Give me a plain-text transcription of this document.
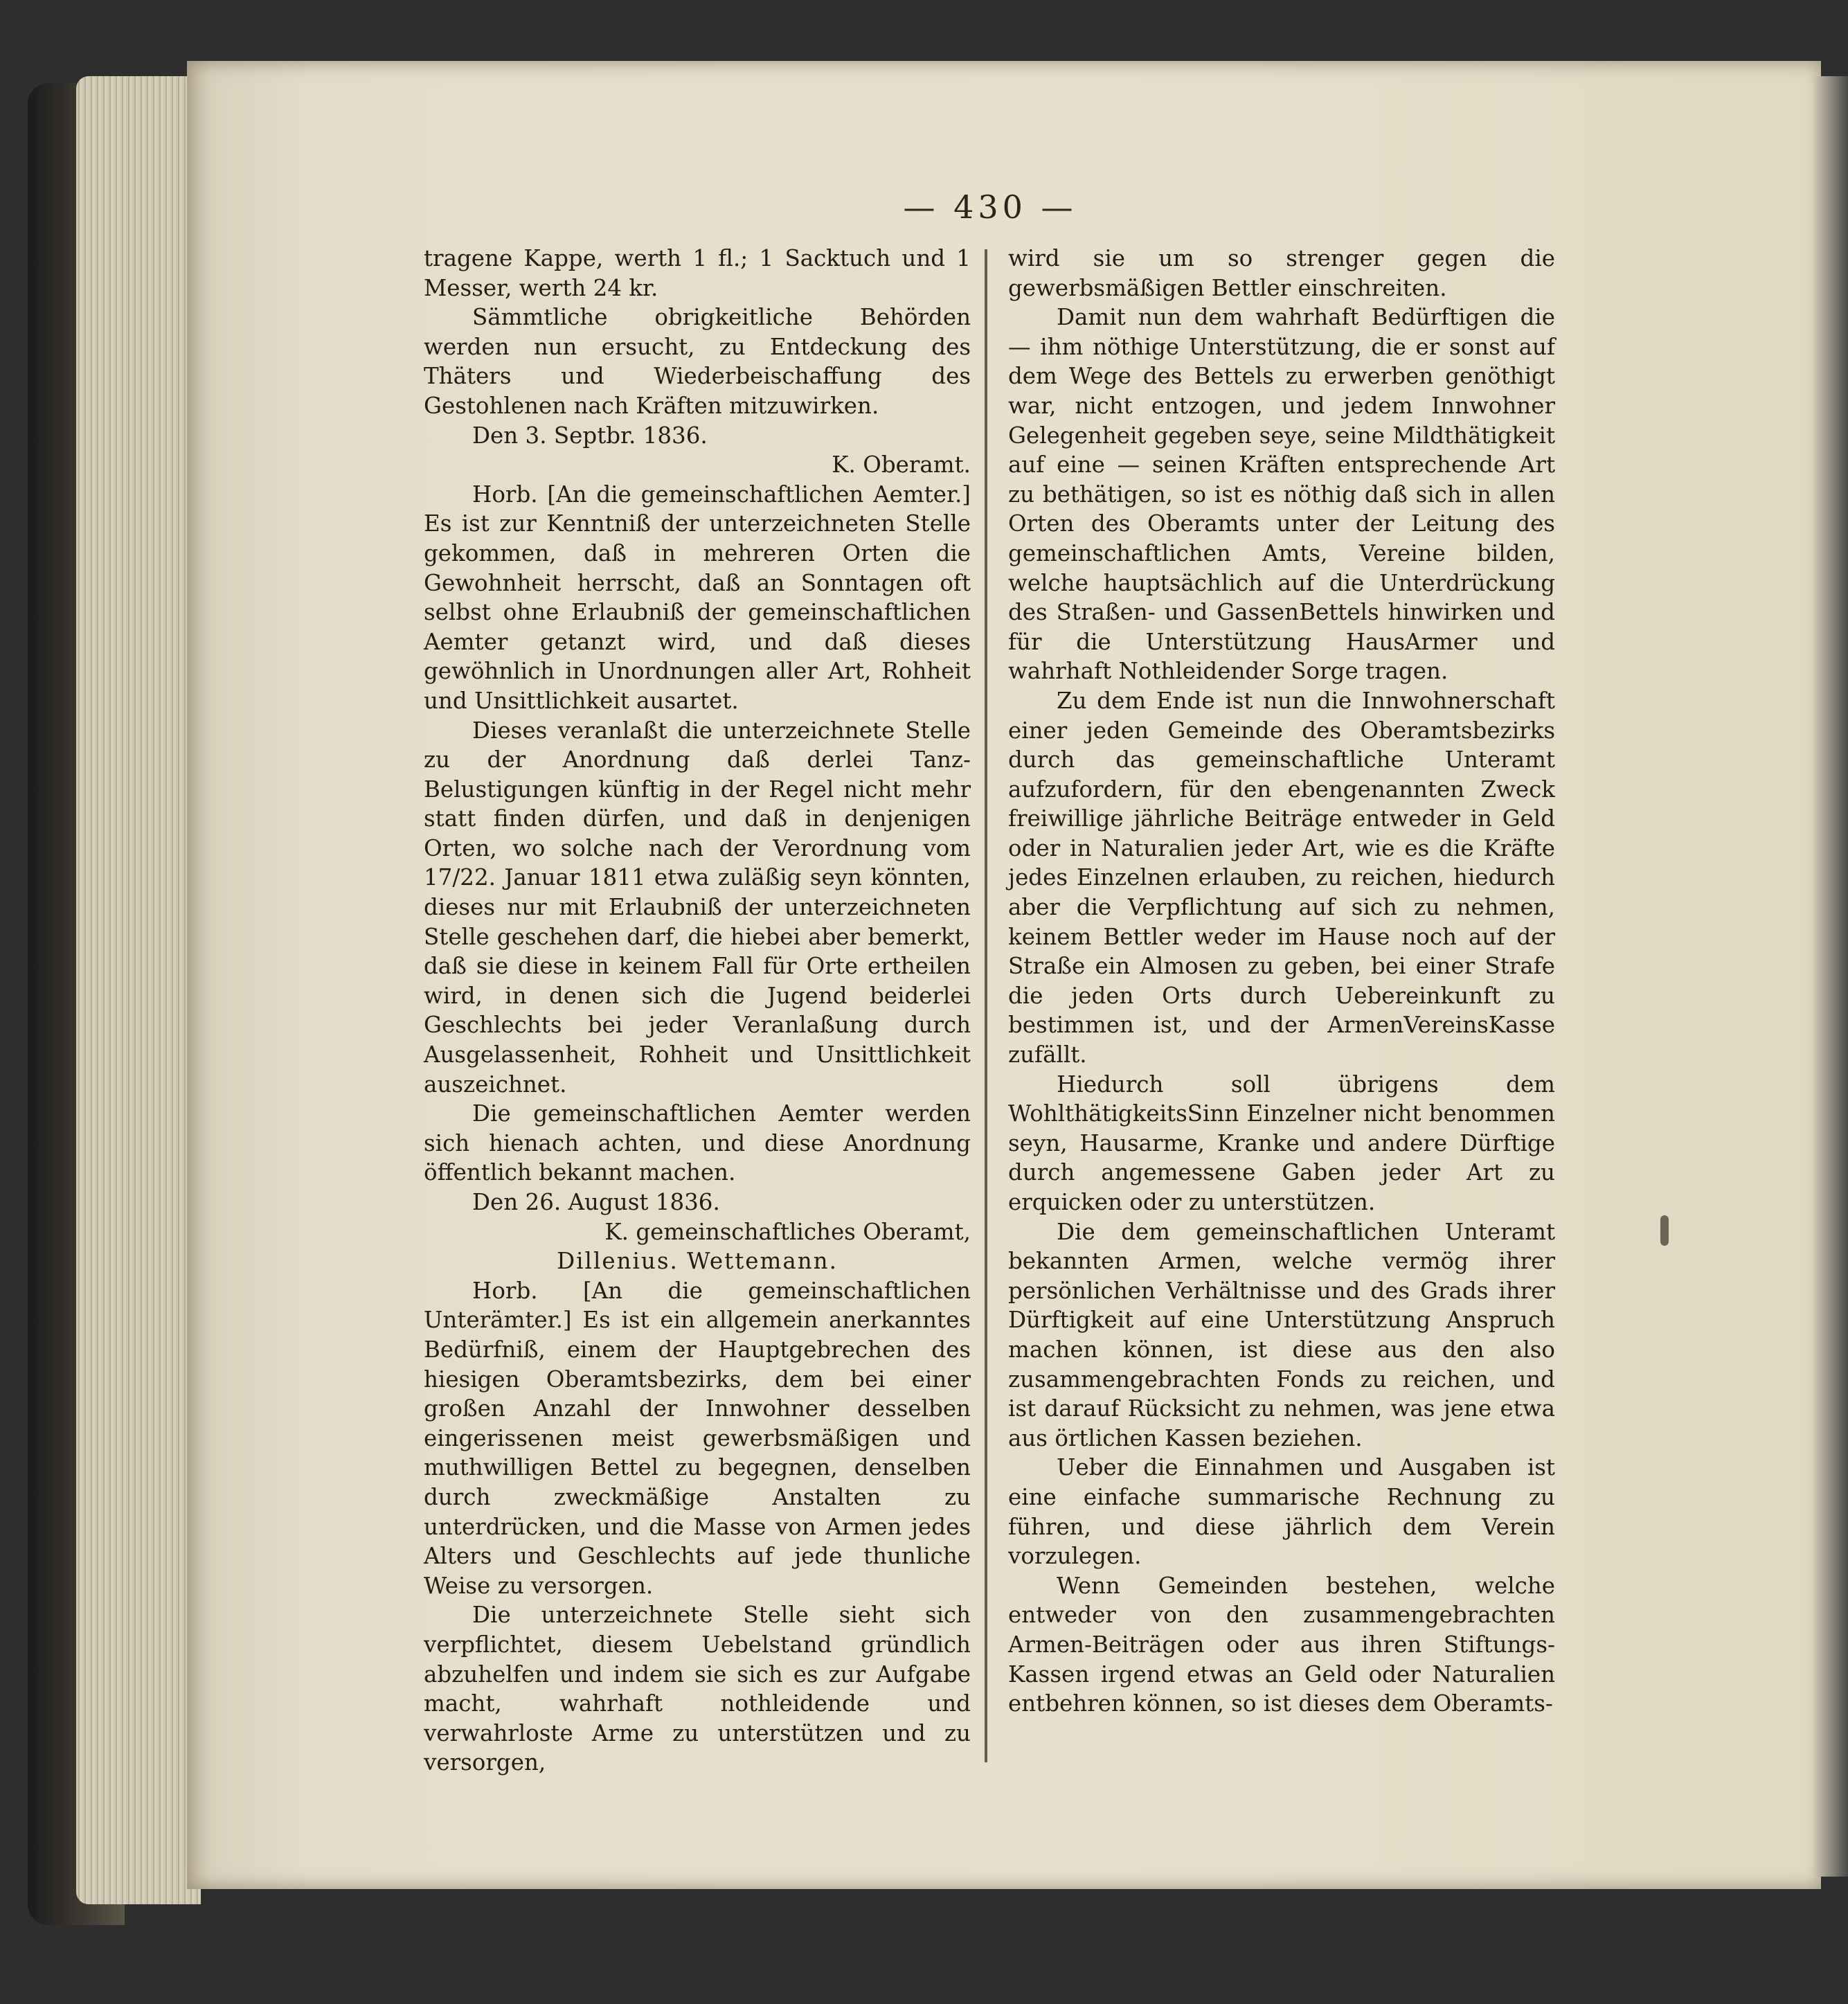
— 430 —

tragene Kappe, werth 1 fl.; 1 Sacktuch und 1 Messer, werth 24 kr.

Sämmtliche obrigkeitliche Behörden werden nun ersucht, zu Entdeckung des Thäters und Wiederbeischaffung des Gestohlenen nach Kräften mitzuwirken.

Den 3. Septbr. 1836.

K. Oberamt.

Horb. [An die gemeinschaftlichen Aemter.] Es ist zur Kenntniß der unterzeichneten Stelle gekommen, daß in mehreren Orten die Gewohnheit herrscht, daß an Sonntagen oft selbst ohne Erlaubniß der gemeinschaftlichen Aemter getanzt wird, und daß dieses gewöhnlich in Unordnungen aller Art, Rohheit und Unsittlichkeit ausartet.

Dieses veranlaßt die unterzeichnete Stelle zu der Anordnung daß derlei Tanz-Belustigungen künftig in der Regel nicht mehr statt finden dürfen, und daß in denjenigen Orten, wo solche nach der Verordnung vom 17/22. Januar 1811 etwa zuläßig seyn könnten, dieses nur mit Erlaubniß der unterzeichneten Stelle geschehen darf, die hiebei aber bemerkt, daß sie diese in keinem Fall für Orte ertheilen wird, in denen sich die Jugend beiderlei Geschlechts bei jeder Veranlaßung durch Ausgelassenheit, Rohheit und Unsittlichkeit auszeichnet.

Die gemeinschaftlichen Aemter werden sich hienach achten, und diese Anordnung öffentlich bekannt machen.

Den 26. August 1836.

K. gemeinschaftliches Oberamt,

Dillenius. Wettemann.

Horb. [An die gemeinschaftlichen Unterämter.] Es ist ein allgemein anerkanntes Bedürfniß, einem der Hauptgebrechen des hiesigen Oberamtsbezirks, dem bei einer großen Anzahl der Innwohner desselben eingerissenen meist gewerbsmäßigen und muthwilligen Bettel zu begegnen, denselben durch zweckmäßige Anstalten zu unterdrücken, und die Masse von Armen jedes Alters und Geschlechts auf jede thunliche Weise zu versorgen.

Die unterzeichnete Stelle sieht sich verpflichtet, diesem Uebelstand gründlich abzuhelfen und indem sie sich es zur Aufgabe macht, wahrhaft nothleidende und verwahrloste Arme zu unterstützen und zu versorgen,

wird sie um so strenger gegen die gewerbsmäßigen Bettler einschreiten.

Damit nun dem wahrhaft Bedürftigen die — ihm nöthige Unterstützung, die er sonst auf dem Wege des Bettels zu erwerben genöthigt war, nicht entzogen, und jedem Innwohner Gelegenheit gegeben seye, seine Mildthätigkeit auf eine — seinen Kräften entsprechende Art zu bethätigen, so ist es nöthig daß sich in allen Orten des Oberamts unter der Leitung des gemeinschaftlichen Amts, Vereine bilden, welche hauptsächlich auf die Unterdrückung des Straßen- und GassenBettels hinwirken und für die Unterstützung HausArmer und wahrhaft Nothleidender Sorge tragen.

Zu dem Ende ist nun die Innwohnerschaft einer jeden Gemeinde des Oberamtsbezirks durch das gemeinschaftliche Unteramt aufzufordern, für den ebengenannten Zweck freiwillige jährliche Beiträge entweder in Geld oder in Naturalien jeder Art, wie es die Kräfte jedes Einzelnen erlauben, zu reichen, hiedurch aber die Verpflichtung auf sich zu nehmen, keinem Bettler weder im Hause noch auf der Straße ein Almosen zu geben, bei einer Strafe die jeden Orts durch Uebereinkunft zu bestimmen ist, und der ArmenVereinsKasse zufällt.

Hiedurch soll übrigens dem WohlthätigkeitsSinn Einzelner nicht benommen seyn, Hausarme, Kranke und andere Dürftige durch angemessene Gaben jeder Art zu erquicken oder zu unterstützen.

Die dem gemeinschaftlichen Unteramt bekannten Armen, welche vermög ihrer persönlichen Verhältnisse und des Grads ihrer Dürftigkeit auf eine Unterstützung Anspruch machen können, ist diese aus den also zusammengebrachten Fonds zu reichen, und ist darauf Rücksicht zu nehmen, was jene etwa aus örtlichen Kassen beziehen.

Ueber die Einnahmen und Ausgaben ist eine einfache summarische Rechnung zu führen, und diese jährlich dem Verein vorzulegen.

Wenn Gemeinden bestehen, welche entweder von den zusammengebrachten Armen-Beiträgen oder aus ihren Stiftungs-Kassen irgend etwas an Geld oder Naturalien entbehren können, so ist dieses dem Oberamts-
